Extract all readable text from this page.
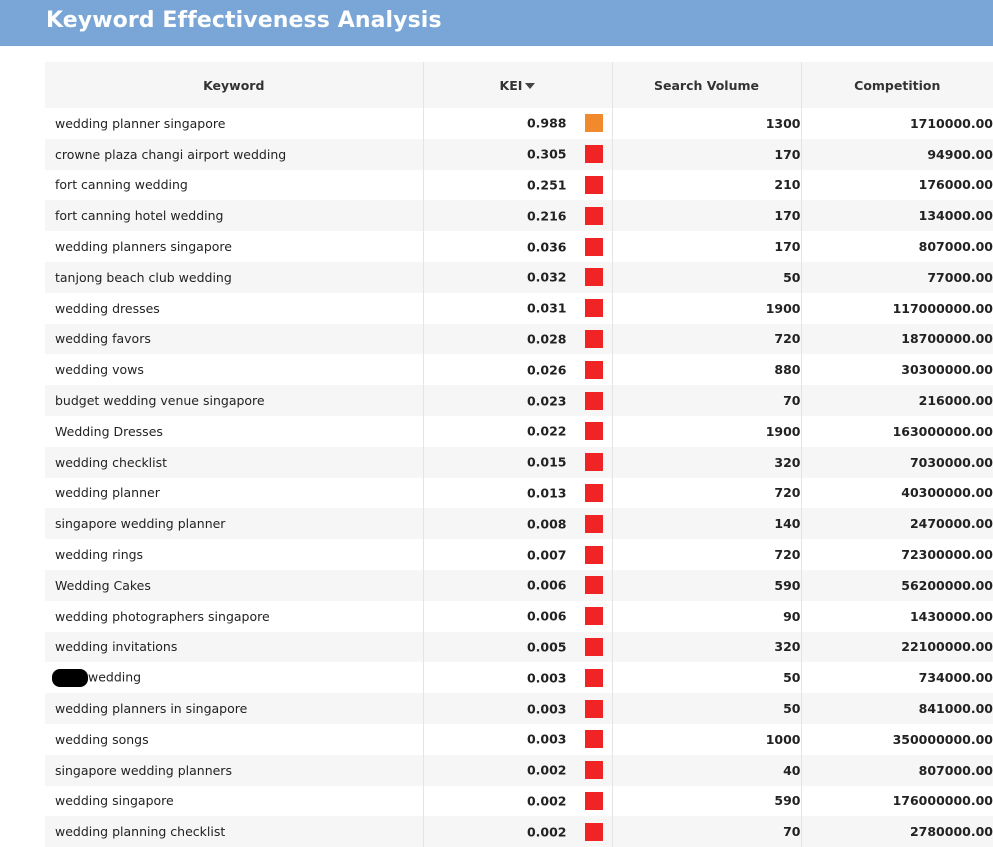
Keyword Effectiveness Analysis
Keyword	KEI	Search Volume	Competition
wedding planner singapore	0.988	1300	1710000.00
crowne plaza changi airport wedding	0.305	170	94900.00
fort canning wedding	0.251	210	176000.00
fort canning hotel wedding	0.216	170	134000.00
wedding planners singapore	0.036	170	807000.00
tanjong beach club wedding	0.032	50	77000.00
wedding dresses	0.031	1900	117000000.00
wedding favors	0.028	720	18700000.00
wedding vows	0.026	880	30300000.00
budget wedding venue singapore	0.023	70	216000.00
Wedding Dresses	0.022	1900	163000000.00
wedding checklist	0.015	320	7030000.00
wedding planner	0.013	720	40300000.00
singapore wedding planner	0.008	140	2470000.00
wedding rings	0.007	720	72300000.00
Wedding Cakes	0.006	590	56200000.00
wedding photographers singapore	0.006	90	1430000.00
wedding invitations	0.005	320	22100000.00
wedding	0.003	50	734000.00
wedding planners in singapore	0.003	50	841000.00
wedding songs	0.003	1000	350000000.00
singapore wedding planners	0.002	40	807000.00
wedding singapore	0.002	590	176000000.00
wedding planning checklist	0.002	70	2780000.00
